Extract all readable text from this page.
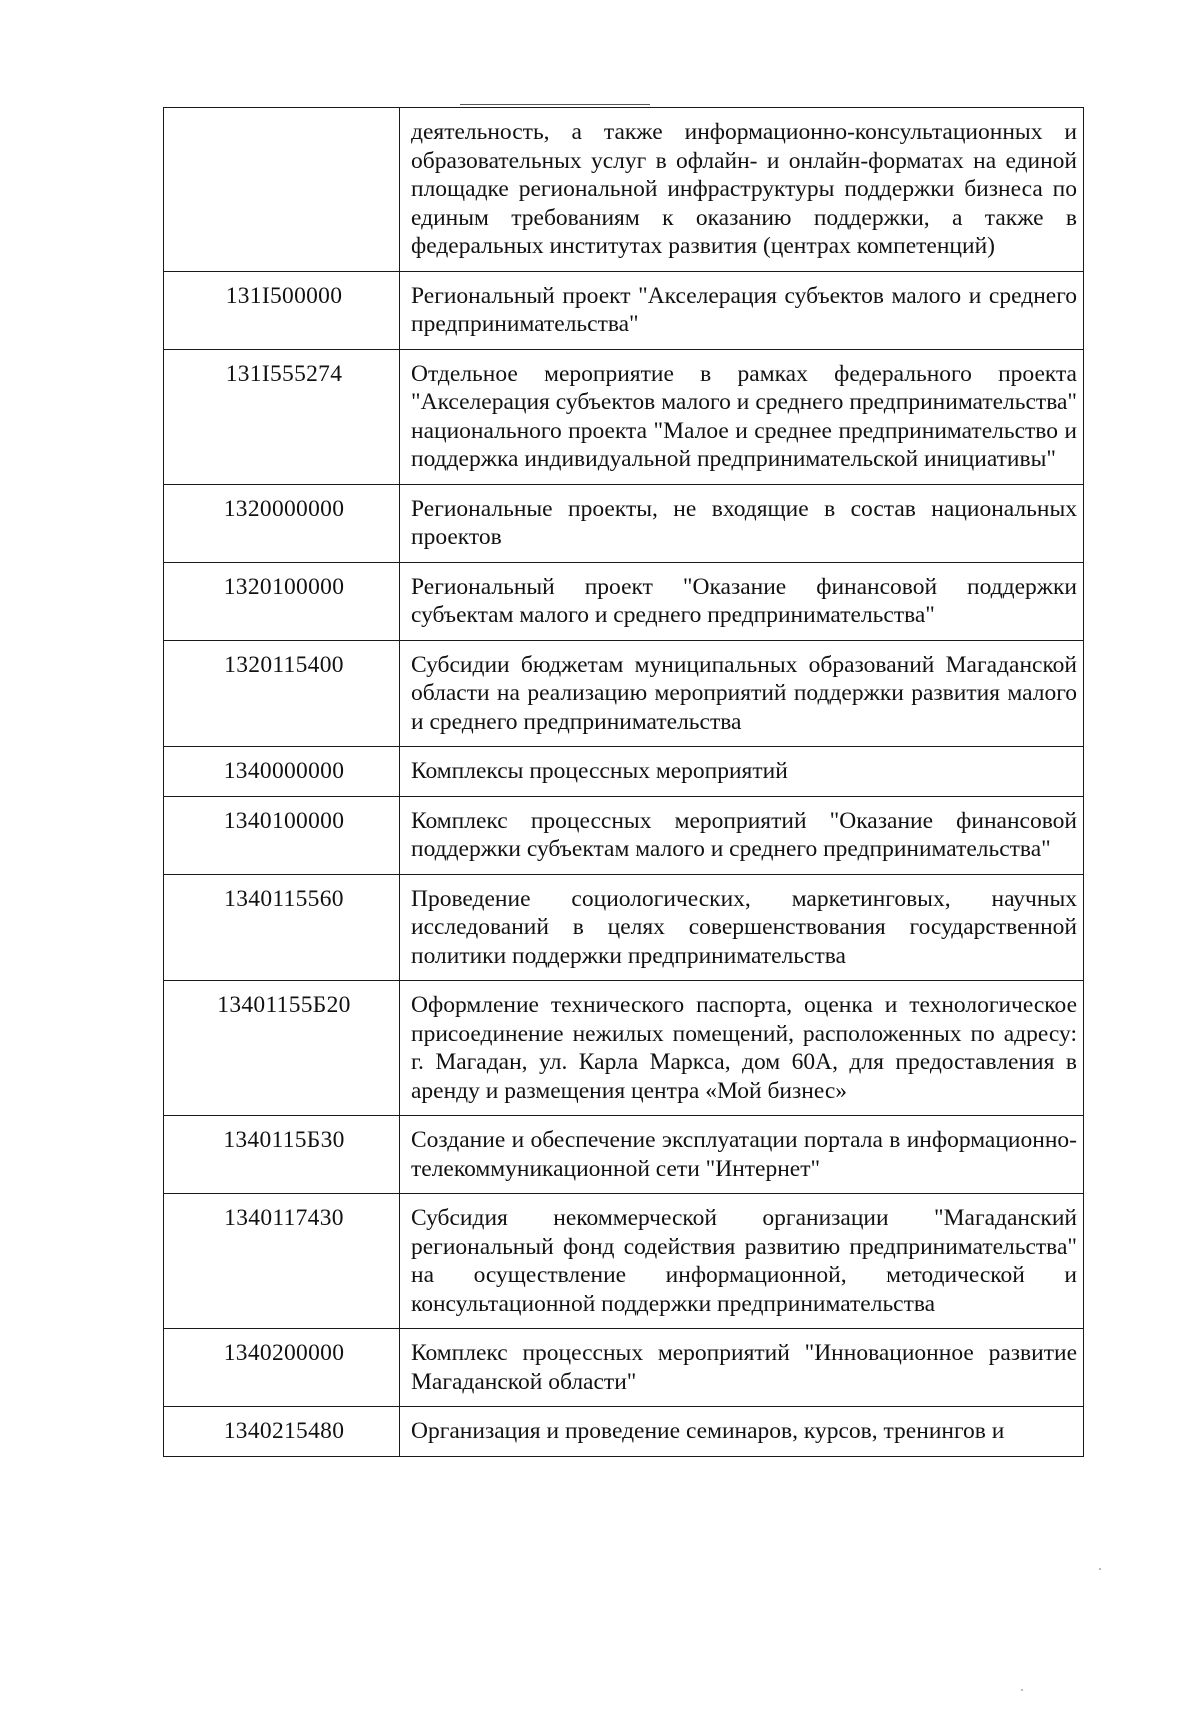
	деятельность, а также информационно-консультационных и образовательных услуг в офлайн- и онлайн-форматах на единой площадке региональной инфраструктуры поддержки бизнеса по единым требованиям к оказанию поддержки, а также в федеральных институтах развития (центрах компетенций)
131I500000	Региональный проект "Акселерация субъектов малого и среднего предпринимательства"
131I555274	Отдельное мероприятие в рамках федерального проекта "Акселерация субъектов малого и среднего предпринимательства" национального проекта "Малое и среднее предпринимательство и поддержка индивидуальной предпринимательской инициативы"
1320000000	Региональные проекты, не входящие в состав национальных проектов
1320100000	Региональный проект "Оказание финансовой поддержки субъектам малого и среднего предпринимательства"
1320115400	Субсидии бюджетам муниципальных образований Магаданской области на реализацию мероприятий поддержки развития малого и среднего предпринимательства
1340000000	Комплексы процессных мероприятий
1340100000	Комплекс процессных мероприятий "Оказание финансовой поддержки субъектам малого и среднего предпринимательства"
1340115560	Проведение социологических, маркетинговых, научных исследований в целях совершенствования государственной политики поддержки предпринимательства
13401155Б20	Оформление технического паспорта, оценка и технологическое присоединение нежилых помещений, расположенных по адресу: г. Магадан, ул. Карла Маркса, дом 60А, для предоставления в аренду и размещения центра «Мой бизнес»
1340115Б30	Создание и обеспечение эксплуатации портала в информационно-телекоммуникационной сети "Интернет"
1340117430	Субсидия некоммерческой организации "Магаданский региональный фонд содействия развитию предпринимательства" на осуществление информационной, методической и консультационной поддержки предпринимательства
1340200000	Комплекс процессных мероприятий "Инновационное развитие Магаданской области"
1340215480	Организация и проведение семинаров, курсов, тренингов и
